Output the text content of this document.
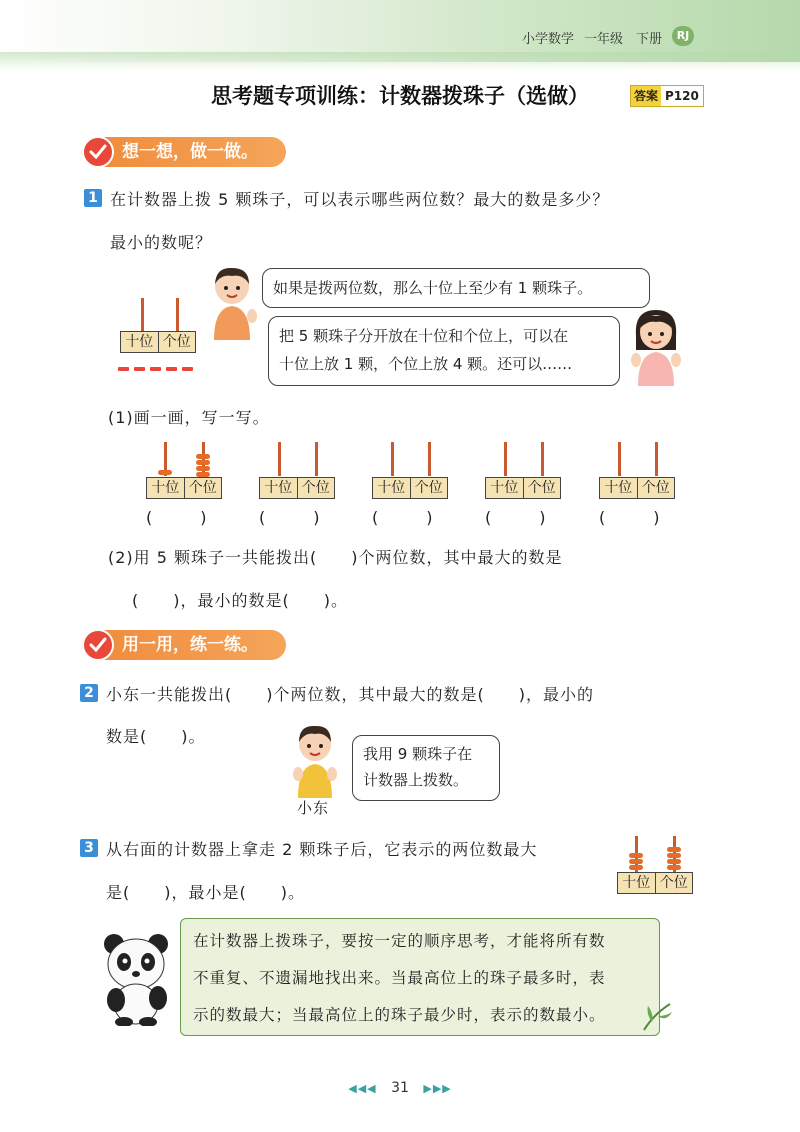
小学数学 一年级 下册	RJ
思考题专项训练：计数器拨珠子（选做）	答案 P120
想一想，做一做。
1 在计数器上拨 5 颗珠子，可以表示哪些两位数？最大的数是多少？
最小的数呢？
十位 个位
如果是拨两位数，那么十位上至少有 1 颗珠子。
把 5 颗珠子分开放在十位和个位上，可以在
十位上放 1 颗，个位上放 4 颗。还可以……
(1)画一画，写一写。
十位 个位
(　　　)
十位 个位
(　　　)
十位 个位
(　　　)
十位 个位
(　　　)
十位 个位
(　　　)
(2)用 5 颗珠子一共能拨出(　　)个两位数，其中最大的数是
(　　)，最小的数是(　　)。
用一用，练一练。
2 小东一共能拨出(　　)个两位数，其中最大的数是(　　)，最小的
数是(　　)。
小东
我用 9 颗珠子在
计数器上拨数。
3 从右面的计数器上拿走 2 颗珠子后，它表示的两位数最大
是(　　)，最小是(　　)。	十位 个位
在计数器上拨珠子，要按一定的顺序思考，才能将所有数
不重复、不遗漏地找出来。当最高位上的珠子最多时，表
示的数最大；当最高位上的珠子最少时，表示的数最小。
◀◀◀ 31 ▶▶▶
